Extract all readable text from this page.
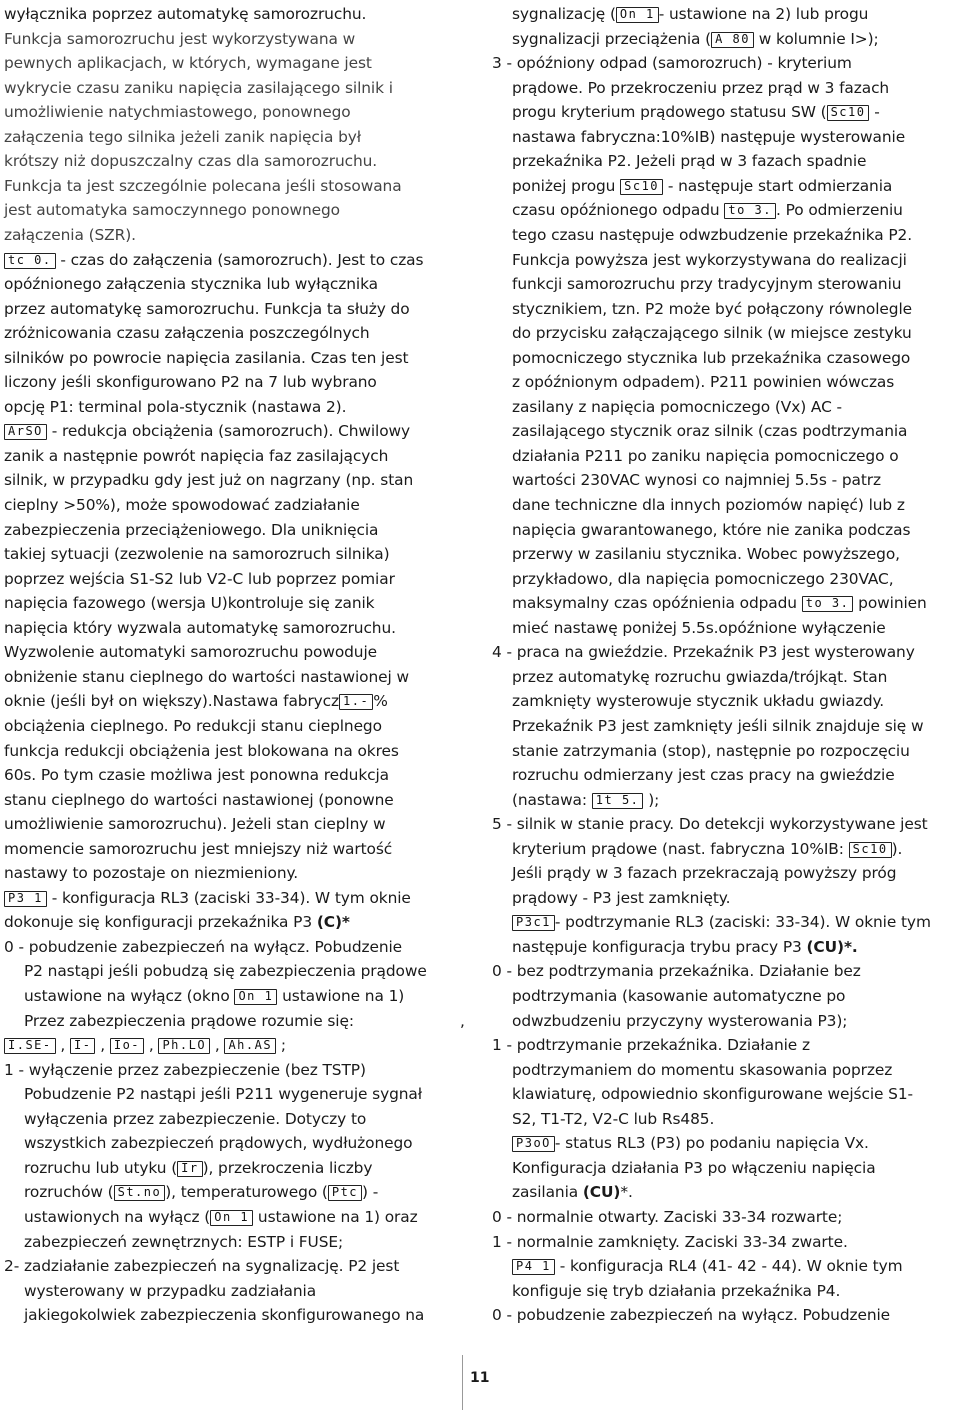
wyłącznika poprzez automatykę samorozruchu.
Funkcja samorozruchu jest wykorzystywana w
pewnych aplikacjach, w których, wymagane jest
wykrycie czasu zaniku napięcia zasilającego silnik i
umożliwienie natychmiastowego, ponownego
załączenia tego silnika jeżeli zanik napięcia był
krótszy niż dopuszczalny czas dla samorozruchu.
Funkcja ta jest szczególnie polecana jeśli stosowana
jest automatyka samoczynnego ponownego
załączenia (SZR).
opóźnionego załączenia stycznika lub wyłącznika
przez automatykę samorozruchu. Funkcja ta służy do
zróżnicowania czasu załączenia poszczególnych
silników po powrocie napięcia zasilania. Czas ten jest
liczony jeśli skonfigurowano P2 na 7 lub wybrano
opcję P1: terminal pola-stycznik (nastawa 2).
zanik a następnie powrót napięcia faz zasilających
silnik, w przypadku gdy jest już on nagrzany (np. stan
cieplny >50%), może spowodować zadziałanie
zabezpieczenia przeciążeniowego. Dla uniknięcia
takiej sytuacji (zezwolenie na samorozruch silnika)
poprzez wejścia S1-S2 lub V2-C lub poprzez pomiar
napięcia fazowego (wersja U)kontroluje się zanik
napięcia który wyzwala automatykę samorozruchu.
Wyzwolenie automatyki samorozruchu powoduje
obniżenie stanu cieplnego do wartości nastawionej w
obciążenia cieplnego. Po redukcji stanu cieplnego
funkcja redukcji obciążenia jest blokowana na okres
60s. Po tym czasie możliwa jest ponowna redukcja
stanu cieplnego do wartości nastawionej (ponowne
umożliwienie samorozruchu). Jeżeli stan cieplny w
momencie samorozruchu jest mniejszy niż wartość
nastawy to pozostaje on niezmieniony.
dokonuje się konfiguracji przekaźnika P3 (C)*
0 - pobudzenie zabezpieczeń na wyłącz. Pobudzenie
P2 nastąpi jeśli pobudzą się zabezpieczenia prądowe
Przez zabezpieczenia prądowe rozumie się:	,
1 - wyłączenie przez zabezpieczenie (bez TSTP)
Pobudzenie P2 nastąpi jeśli P211 wygeneruje sygnał
wyłączenia przez zabezpieczenie. Dotyczy to
wszystkich zabezpieczeń prądowych, wydłużonego
zabezpieczeń zewnętrznych: ESTP i FUSE;
2- zadziałanie zabezpieczeń na sygnalizację. P2 jest
wysterowany w przypadku zadziałania
jakiegokolwiek zabezpieczenia skonfigurowanego na
tc 0. - czas do załączenia (samorozruch). Jest to czas
ArSO - redukcja obciążenia (samorozruch). Chwilowy
oknie (jeśli był on większy).Nastawa fabrycz 1.- %
P3 1 - konfiguracja RL3 (zaciski 33-34). W tym oknie
ustawione na wyłącz (okno On 1 ustawione na 1)
I.SE- , I- , Io- , Ph.LO , Ah.AS ;
rozruchu lub utyku ( Ir ), przekroczenia liczby
rozruchów ( St.no ), temperaturowego ( Ptc ) -
ustawionych na wyłącz ( On 1 ustawione na 1) oraz
3 - opóźniony odpad (samorozruch) - kryterium
prądowe. Po przekroczeniu przez prąd w 3 fazach
nastawa fabryczna:10%IB) następuje wysterowanie
przekaźnika P2. Jeżeli prąd w 3 fazach spadnie
tego czasu następuje odwzbudzenie przekaźnika P2.
Funkcja powyższa jest wykorzystywana do realizacji
funkcji samorozruchu przy tradycyjnym sterowaniu
stycznikiem, tzn. P2 może być połączony równolegle
do przycisku załączającego silnik (w miejsce zestyku
pomocniczego stycznika lub przekaźnika czasowego
z opóźnionym odpadem). P211 powinien wówczas
zasilany z napięcia pomocniczego (Vx) AC -
zasilającego stycznik oraz silnik (czas podtrzymania
działania P211 po zaniku napięcia pomocniczego o
wartości 230VAC wynosi co najmniej 5.5s - patrz
dane techniczne dla innych poziomów napięć) lub z
napięcia gwarantowanego, które nie zanika podczas
przerwy w zasilaniu stycznika. Wobec powyższego,
przykładowo, dla napięcia pomocniczego 230VAC,
mieć nastawę poniżej 5.5s.opóźnione wyłączenie
4 - praca na gwieździe. Przekaźnik P3 jest wysterowany
przez automatykę rozruchu gwiazda/trójkąt. Stan
zamknięty wysterowuje stycznik układu gwiazdy.
Przekaźnik P3 jest zamknięty jeśli silnik znajduje się w
stanie zatrzymania (stop), następnie po rozpoczęciu
rozruchu odmierzany jest czas pracy na gwieździe
5 - silnik w stanie pracy. Do detekcji wykorzystywane jest
Jeśli prądy w 3 fazach przekraczają powyższy próg
prądowy - P3 jest zamknięty.
następuje konfiguracja trybu pracy P3 (CU)*.
0 - bez podtrzymania przekaźnika. Działanie bez
podtrzymania (kasowanie automatyczne po
odwzbudzeniu przyczyny wysterowania P3);
1 - podtrzymanie przekaźnika. Działanie z
podtrzymaniem do momentu skasowania poprzez
klawiaturę, odpowiednio skonfigurowane wejście S1-
S2, T1-T2, V2-C lub Rs485.
Konfiguracja działania P3 po włączeniu napięcia
0 - normalnie otwarty. Zaciski 33-34 rozwarte;
1 - normalnie zamknięty. Zaciski 33-34 zwarte.
konfiguje się tryb działania przekaźnika P4.
0 - pobudzenie zabezpieczeń na wyłącz. Pobudzenie
sygnalizację ( On 1 - ustawione na 2) lub progu
sygnalizacji przeciążenia ( A 80 w kolumnie I>);
progu kryterium prądowego statusu SW ( Sc10 -
poniżej progu Sc10 - następuje start odmierzania
czasu opóźnionego odpadu to 3. . Po odmierzeniu
maksymalny czas opóźnienia odpadu to 3. powinien
(nastawa: 1t 5. );
kryterium prądowe (nast. fabryczna 10%IB: Sc10 ).
P3c1 - podtrzymanie RL3 (zaciski: 33-34). W oknie tym
P3oO - status RL3 (P3) po podaniu napięcia Vx.
P4 1 - konfiguracja RL4 (41- 42 - 44). W oknie tym
zasilania (CU)*.
11
